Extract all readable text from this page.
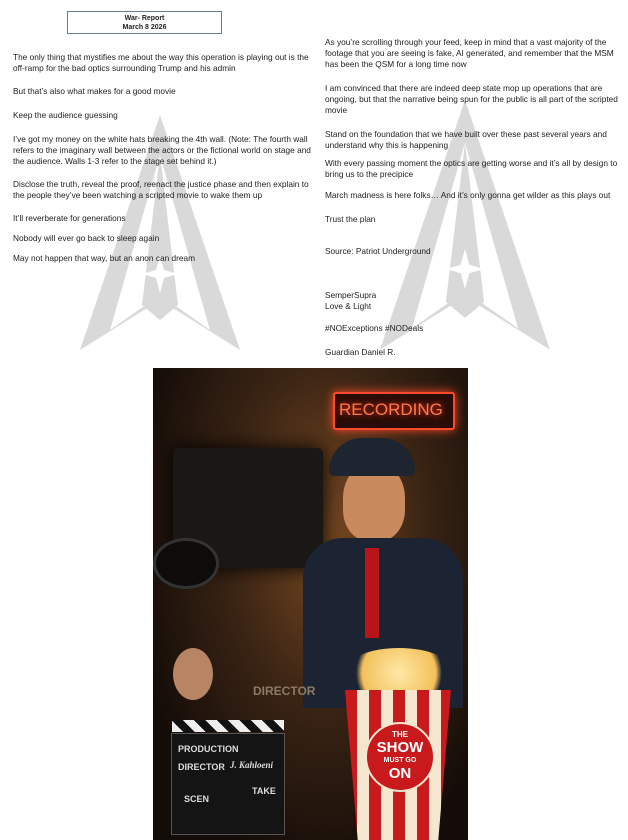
War- Report
March 8 2026

The only thing that mystifies me about the way this operation is playing out is the off-ramp for the bad optics surrounding Trump and his admin

But that’s also what makes for a good movie

Keep the audience guessing

I’ve got my money on the white hats breaking the 4th wall. (Note: The fourth wall refers to the imaginary wall between the actors or the fictional world on stage and the audience. Walls 1-3 refer to the stage set behind it.)

Disclose the truth, reveal the proof, reenact the justice phase and then explain to the people they’ve been watching a scripted movie to wake them up

It’ll reverberate for generations

Nobody will ever go back to sleep again

May not happen that way, but an anon can dream

As you’re scrolling through your feed, keep in mind that a vast majority of the footage that you are seeing is fake, AI generated, and remember that the MSM has been the QSM for a long time now

I am convinced that there are indeed deep state mop up operations that are ongoing, but that the narrative being spun for the public is all part of the scripted movie

Stand on the foundation that we have built over these past several years and understand why this is happening

With every passing moment the optics are getting worse and it’s all by design to bring us to the precipice

March madness is here folks… And it’s only gonna get wilder as this plays out

Trust the plan

Source: Patriot Underground

SemperSupra

Love & Light

#NOExceptions #NODeals

Guardian Daniel R.

RECORDING
DIRECTOR
PRODUCTION
DIRECTOR J. Kahloeni
SCEN
TAKE
THE
SHOW
MUST GO
ON
